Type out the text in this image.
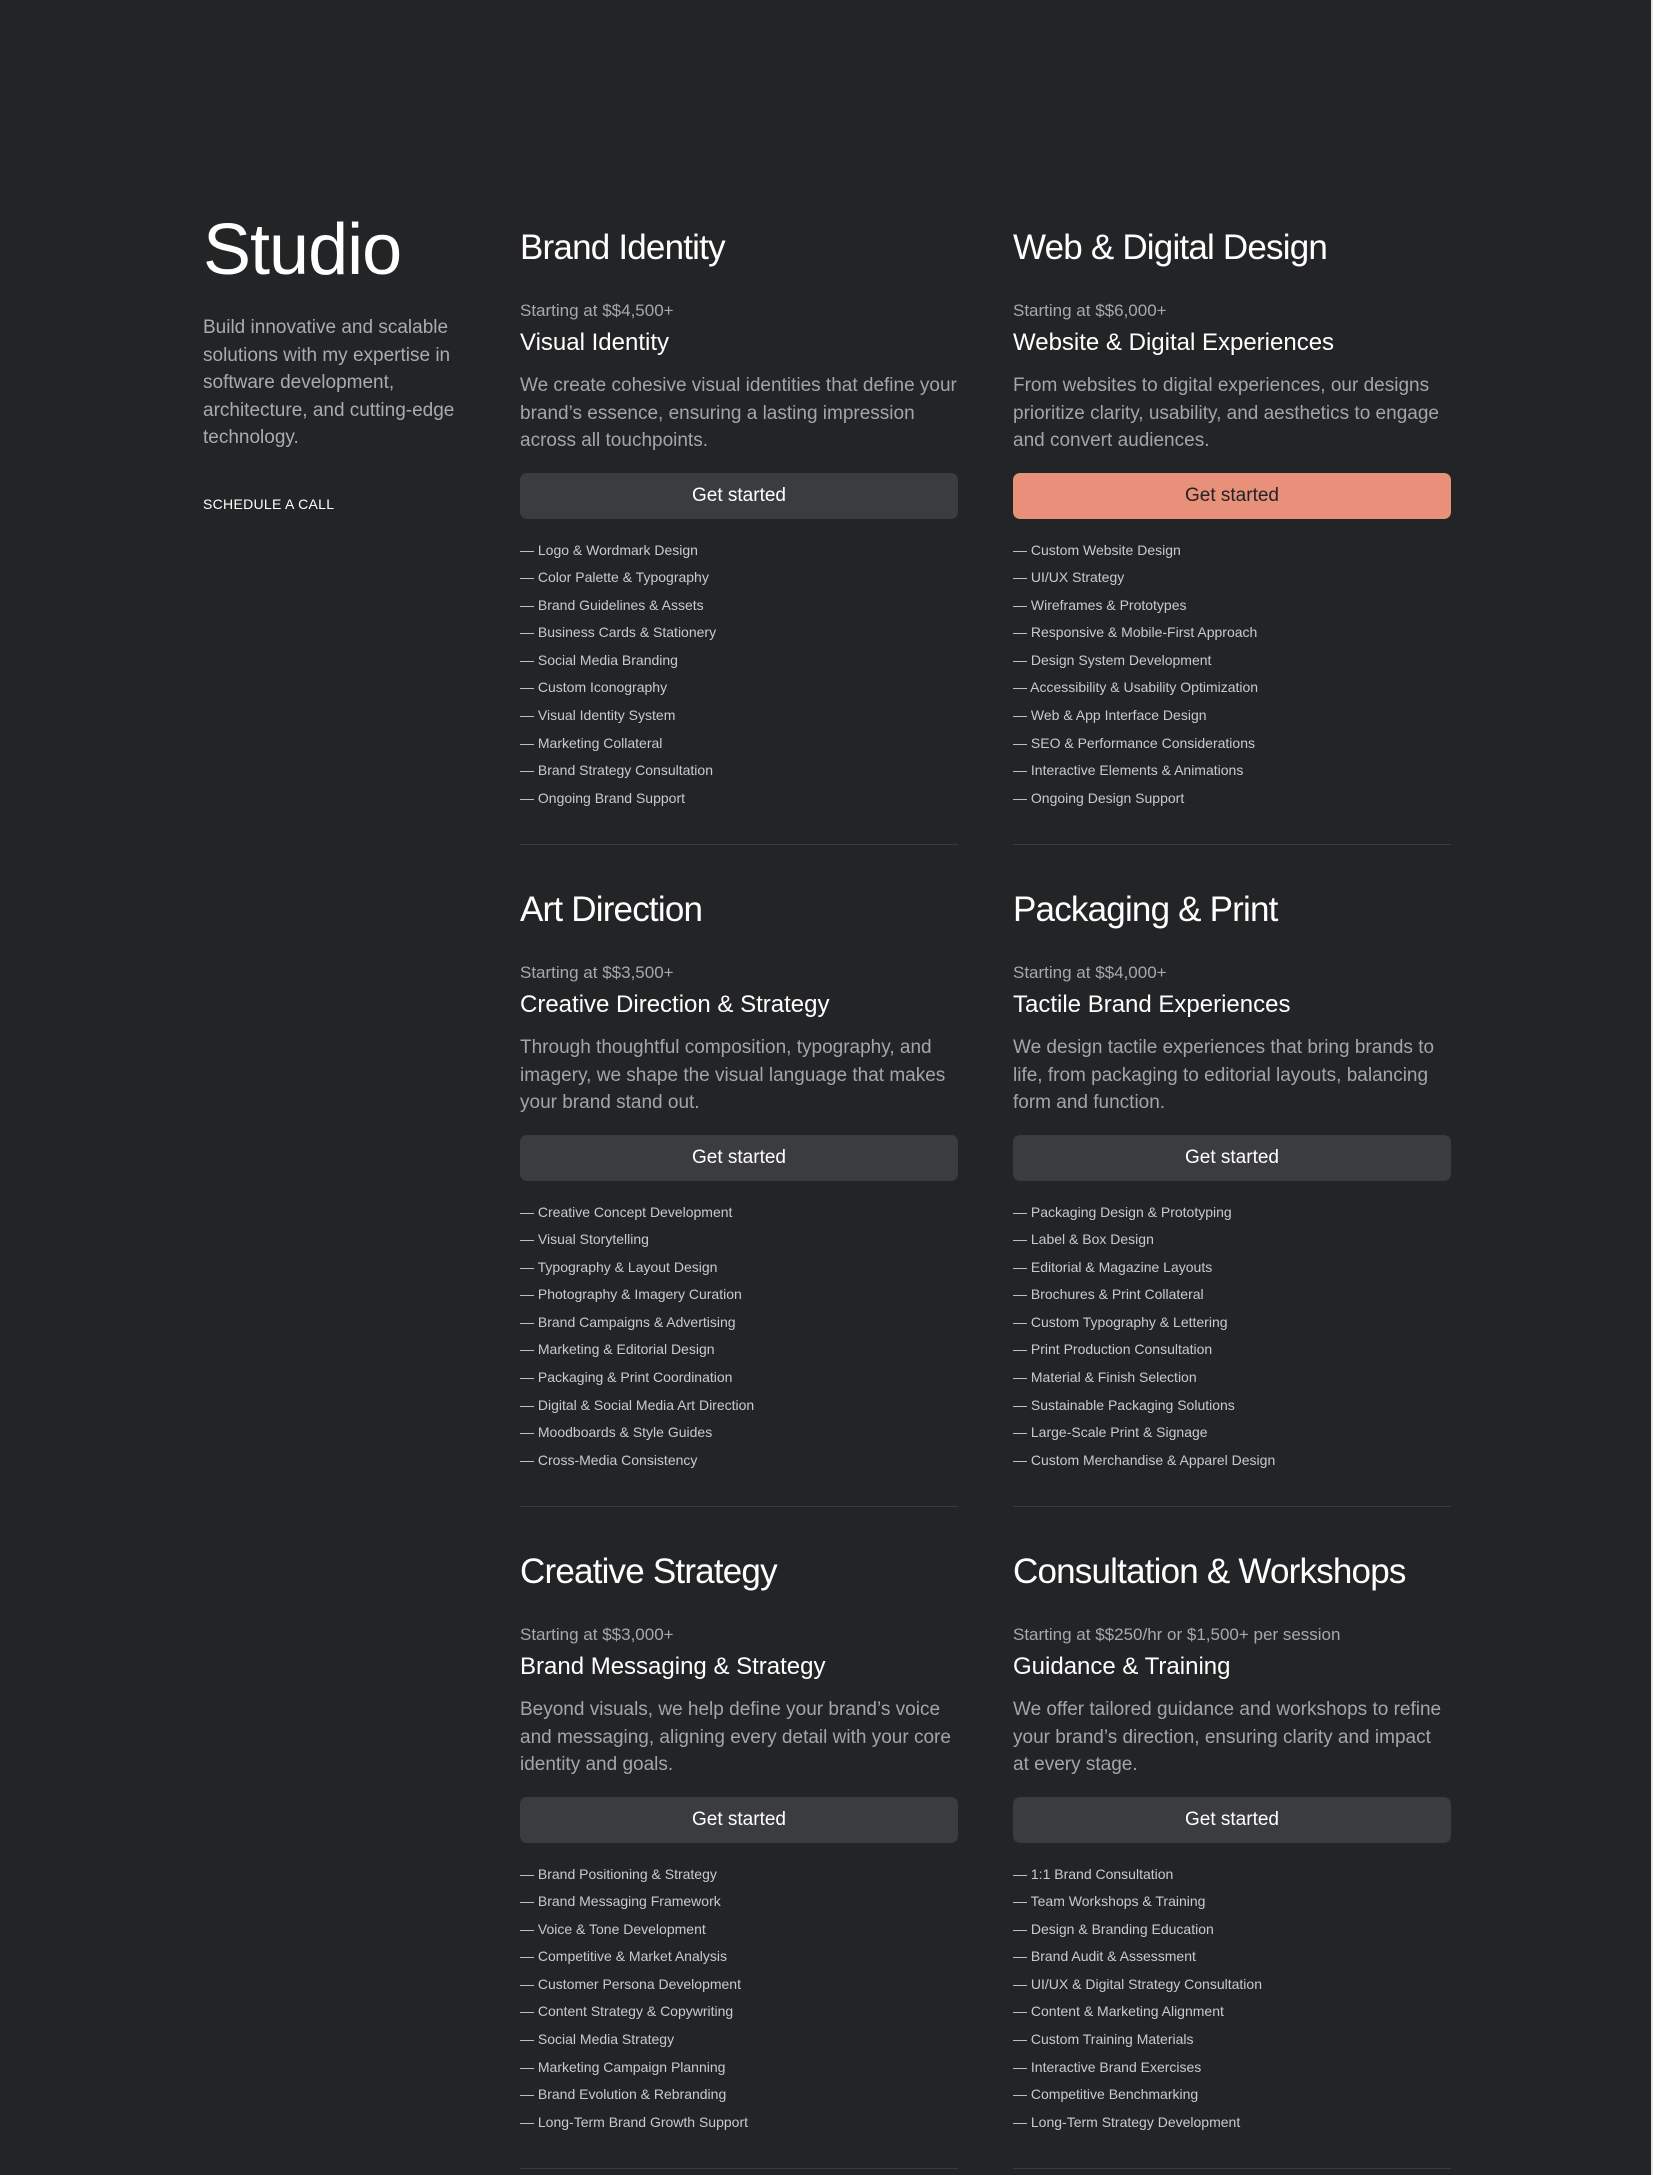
Studio

Build innovative and scalable solutions with my expertise in software development, architecture, and cutting-edge technology.

SCHEDULE A CALL
Brand Identity
Starting at $$4,500+
Visual Identity

We create cohesive visual identities that define your brand’s essence, ensuring a lasting impression across all touchpoints.

Get started
— Logo & Wordmark Design
— Color Palette & Typography
— Brand Guidelines & Assets
— Business Cards & Stationery
— Social Media Branding
— Custom Iconography
— Visual Identity System
— Marketing Collateral
— Brand Strategy Consultation
— Ongoing Brand Support
Web & Digital Design
Starting at $$6,000+
Website & Digital Experiences

From websites to digital experiences, our designs prioritize clarity, usability, and aesthetics to engage and convert audiences.

Get started
— Custom Website Design
— UI/UX Strategy
— Wireframes & Prototypes
— Responsive & Mobile-First Approach
— Design System Development
— Accessibility & Usability Optimization
— Web & App Interface Design
— SEO & Performance Considerations
— Interactive Elements & Animations
— Ongoing Design Support
Art Direction
Starting at $$3,500+
Creative Direction & Strategy

Through thoughtful composition, typography, and imagery, we shape the visual language that makes your brand stand out.

Get started
— Creative Concept Development
— Visual Storytelling
— Typography & Layout Design
— Photography & Imagery Curation
— Brand Campaigns & Advertising
— Marketing & Editorial Design
— Packaging & Print Coordination
— Digital & Social Media Art Direction
— Moodboards & Style Guides
— Cross-Media Consistency
Packaging & Print
Starting at $$4,000+
Tactile Brand Experiences

We design tactile experiences that bring brands to life, from packaging to editorial layouts, balancing form and function.

Get started
— Packaging Design & Prototyping
— Label & Box Design
— Editorial & Magazine Layouts
— Brochures & Print Collateral
— Custom Typography & Lettering
— Print Production Consultation
— Material & Finish Selection
— Sustainable Packaging Solutions
— Large-Scale Print & Signage
— Custom Merchandise & Apparel Design
Creative Strategy
Starting at $$3,000+
Brand Messaging & Strategy

Beyond visuals, we help define your brand’s voice and messaging, aligning every detail with your core identity and goals.

Get started
— Brand Positioning & Strategy
— Brand Messaging Framework
— Voice & Tone Development
— Competitive & Market Analysis
— Customer Persona Development
— Content Strategy & Copywriting
— Social Media Strategy
— Marketing Campaign Planning
— Brand Evolution & Rebranding
— Long-Term Brand Growth Support
Consultation & Workshops
Starting at $$250/hr or $1,500+ per session
Guidance & Training

We offer tailored guidance and workshops to refine your brand’s direction, ensuring clarity and impact at every stage.

Get started
— 1:1 Brand Consultation
— Team Workshops & Training
— Design & Branding Education
— Brand Audit & Assessment
— UI/UX & Digital Strategy Consultation
— Content & Marketing Alignment
— Custom Training Materials
— Interactive Brand Exercises
— Competitive Benchmarking
— Long-Term Strategy Development
